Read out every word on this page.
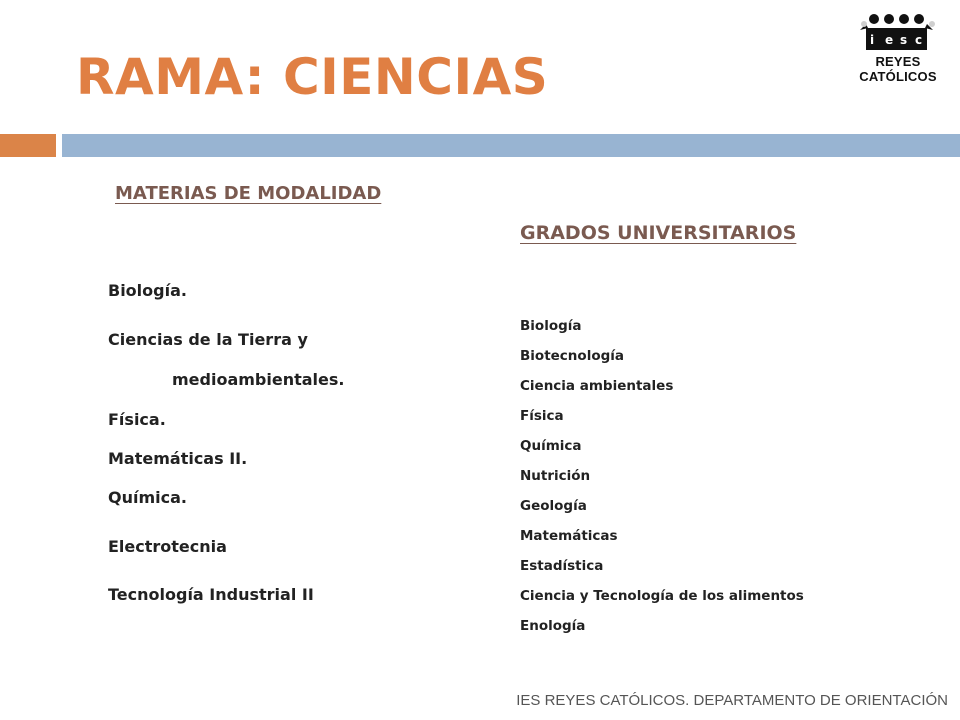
RAMA: CIENCIAS
i e s c
REYES CATÓLICOS
MATERIAS DE MODALIDAD
Biología.
Ciencias de la Tierra y
medioambientales.
Física.
Matemáticas II.
Química.
Electrotecnia
Tecnología Industrial II
GRADOS UNIVERSITARIOS
Biología
Biotecnología
Ciencia ambientales
Física
Química
Nutrición
Geología
Matemáticas
Estadística
Ciencia y Tecnología de los alimentos
Enología
IES REYES CATÓLICOS. DEPARTAMENTO DE ORIENTACIÓN
